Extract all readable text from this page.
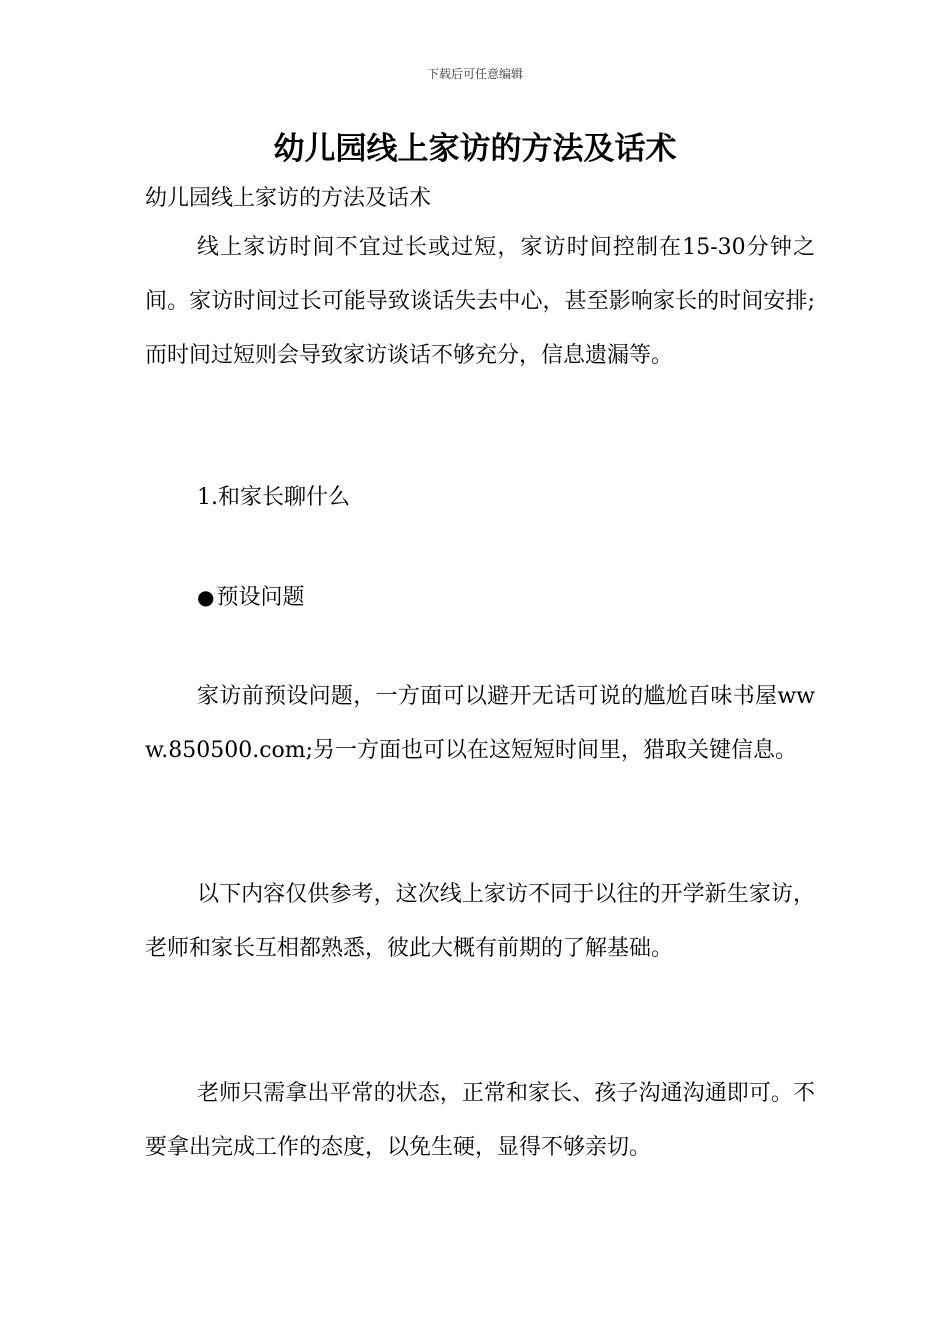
下载后可任意编辑
幼儿园线上家访的方法及话术
幼儿园线上家访的方法及话术

线上家访时间不宜过长或过短，家访时间控制在15-30分钟之间。家访时间过长可能导致谈话失去中心，甚至影响家长的时间安排;而时间过短则会导致家访谈话不够充分，信息遗漏等。

1.和家长聊什么
●预设问题

家访前预设问题，一方面可以避开无话可说的尴尬百味书屋www.850500.com;另一方面也可以在这短短时间里，猎取关键信息。

以下内容仅供参考，这次线上家访不同于以往的开学新生家访，老师和家长互相都熟悉，彼此大概有前期的了解基础。

老师只需拿出平常的状态，正常和家长、孩子沟通沟通即可。不要拿出完成工作的态度，以免生硬，显得不够亲切。
